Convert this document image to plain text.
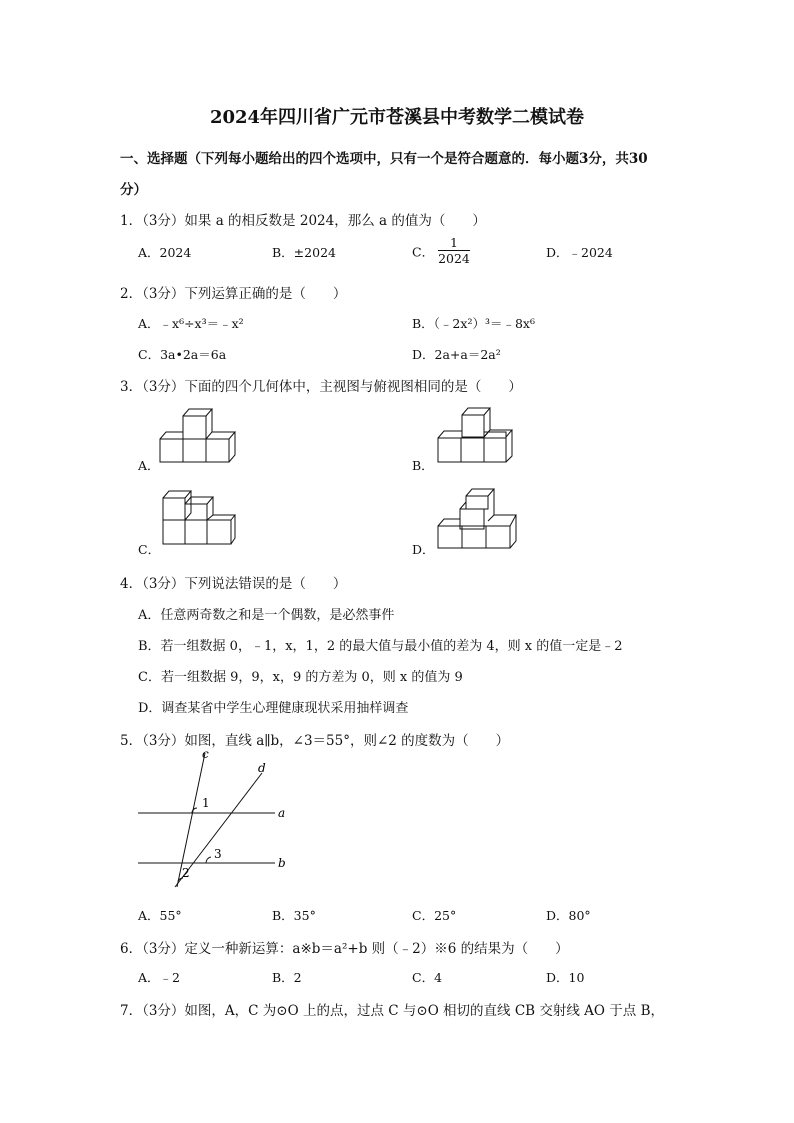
2024年四川省广元市苍溪县中考数学二模试卷
一、选择题（下列每小题给出的四个选项中，只有一个是符合题意的．每小题3分，共30
分）
1．（3分）如果 a 的相反数是 2024，那么 a 的值为（　　）
A．2024	B．±2024	C． $\frac{1}{2024}$	D．﹣2024
2．（3分）下列运算正确的是（　　）
A．﹣x⁶÷x³＝﹣x²	B．（﹣2x²）³＝﹣8x⁶
C．3a•2a＝6a	D．2a+a＝2a²
3．（3分）下面的四个几何体中，主视图与俯视图相同的是（　　）
A．	B．
C．	D．
4．（3分）下列说法错误的是（　　）
A．任意两奇数之和是一个偶数，是必然事件
B．若一组数据 0，﹣1，x，1，2 的最大值与最小值的差为 4，则 x 的值一定是﹣2
C．若一组数据 9，9，x，9 的方差为 0，则 x 的值为 9
D．调查某省中学生心理健康现状采用抽样调查
5．（3分）如图，直线 a∥b，∠3＝55°，则∠2 的度数为（　　）
c
d
a
b
1
3
2
A．55°	B．35°	C．25°	D．80°
6．（3分）定义一种新运算：a※b＝a²+b 则（﹣2）※6 的结果为（　　）
A．﹣2	B．2	C．4	D．10
7．（3分）如图，A，C 为⊙O 上的点，过点 C 与⊙O 相切的直线 CB 交射线 AO 于点 B，
